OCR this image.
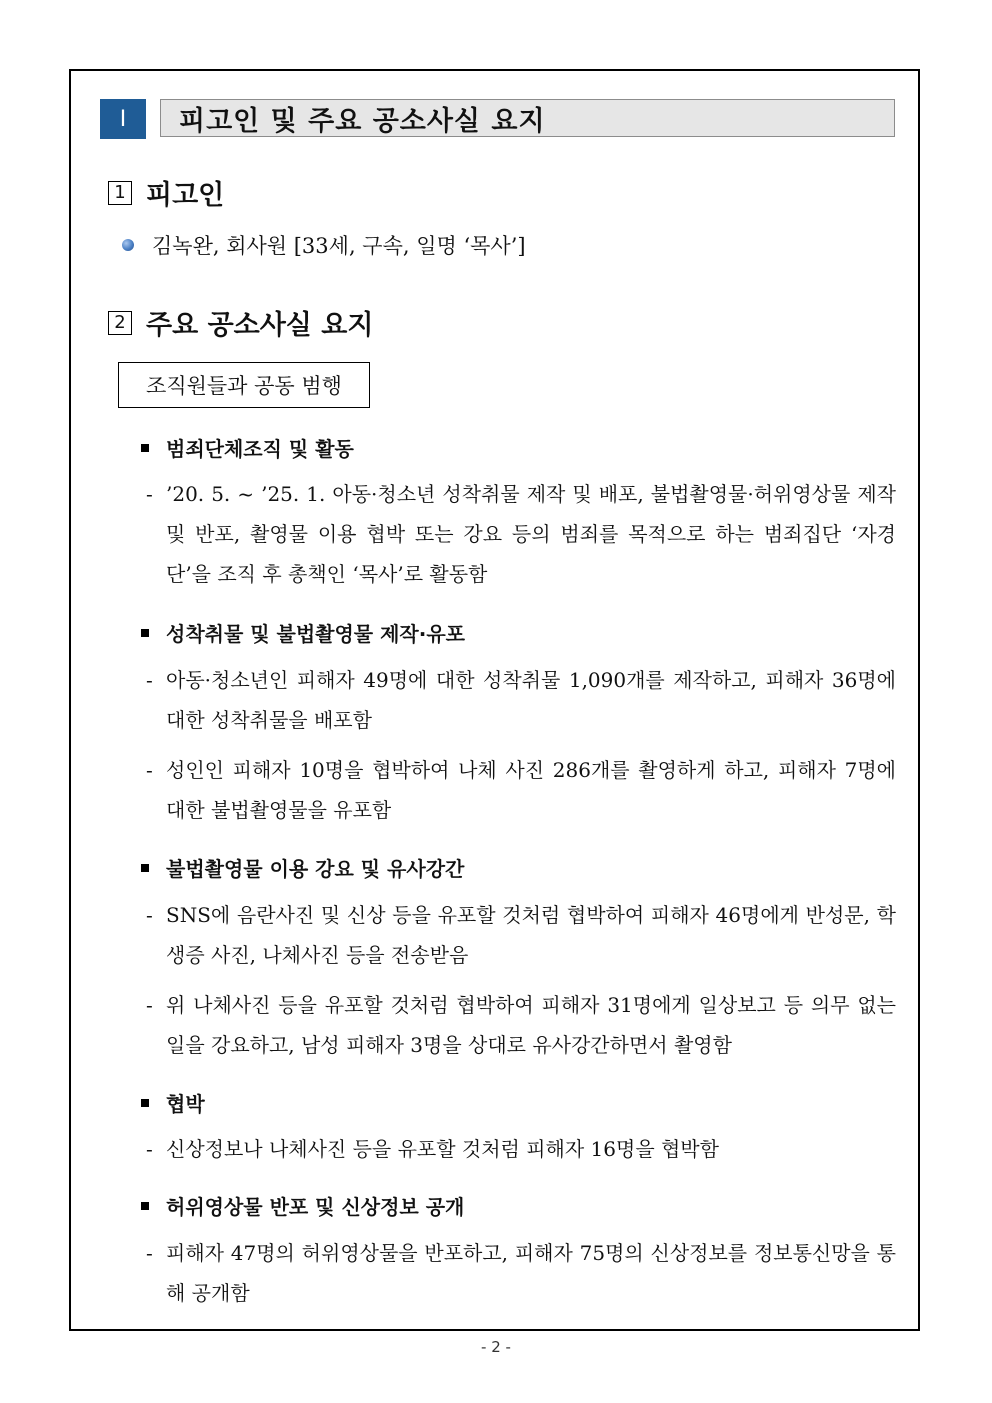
Ⅰ	피고인 및 주요 공소사실 요지
1 피고인
김녹완, 회사원 [33세, 구속, 일명 ‘목사’]
2 주요 공소사실 요지
조직원들과 공동 범행
범죄단체조직 및 활동
- ’20. 5. ~ ’25. 1. 아동·청소년 성착취물 제작 및 배포, 불법촬영물·허위영상물 제작 및 반포, 촬영물 이용 협박 또는 강요 등의 범죄를 목적으로 하는 범죄집단 ‘자경단’을 조직 후 총책인 ‘목사’로 활동함
성착취물 및 불법촬영물 제작·유포
- 아동·청소년인 피해자 49명에 대한 성착취물 1,090개를 제작하고, 피해자 36명에 대한 성착취물을 배포함
- 성인인 피해자 10명을 협박하여 나체 사진 286개를 촬영하게 하고, 피해자 7명에 대한 불법촬영물을 유포함
불법촬영물 이용 강요 및 유사강간
- SNS에 음란사진 및 신상 등을 유포할 것처럼 협박하여 피해자 46명에게 반성문, 학생증 사진, 나체사진 등을 전송받음
- 위 나체사진 등을 유포할 것처럼 협박하여 피해자 31명에게 일상보고 등 의무 없는 일을 강요하고, 남성 피해자 3명을 상대로 유사강간하면서 촬영함
협박
- 신상정보나 나체사진 등을 유포할 것처럼 피해자 16명을 협박함
허위영상물 반포 및 신상정보 공개
- 피해자 47명의 허위영상물을 반포하고, 피해자 75명의 신상정보를 정보통신망을 통해 공개함
- 2 -
